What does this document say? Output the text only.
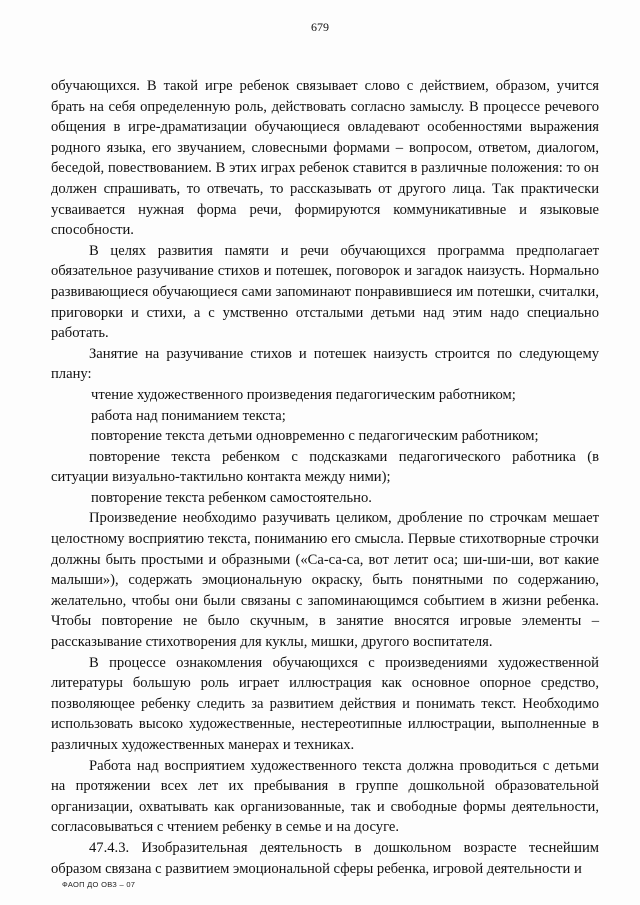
679

обучающихся. В такой игре ребенок связывает слово с действием, образом, учится брать на себя определенную роль, действовать согласно замыслу. В процессе речевого общения в игре-драматизации обучающиеся овладевают особенностями выражения родного языка, его звучанием, словесными формами – вопросом, ответом, диалогом, беседой, повествованием. В этих играх ребенок ставится в различные положения: то он должен спрашивать, то отвечать, то рассказывать от другого лица. Так практически усваивается нужная форма речи, формируются коммуникативные и языковые способности.

В целях развития памяти и речи обучающихся программа предполагает обязательное разучивание стихов и потешек, поговорок и загадок наизусть. Нормально развивающиеся обучающиеся сами запоминают понравившиеся им потешки, считалки, приговорки и стихи, а с умственно отсталыми детьми над этим надо специально работать.

Занятие на разучивание стихов и потешек наизусть строится по следующему плану:

чтение художественного произведения педагогическим работником;

работа над пониманием текста;

повторение текста детьми одновременно с педагогическим работником;

повторение текста ребенком с подсказками педагогического работника (в ситуации визуально-тактильно контакта между ними);

повторение текста ребенком самостоятельно.

Произведение необходимо разучивать целиком, дробление по строчкам мешает целостному восприятию текста, пониманию его смысла. Первые стихотворные строчки должны быть простыми и образными («Са-са-са, вот летит оса; ши-ши-ши, вот какие малыши»), содержать эмоциональную окраску, быть понятными по содержанию, желательно, чтобы они были связаны с запоминающимся событием в жизни ребенка. Чтобы повторение не было скучным, в занятие вносятся игровые элементы – рассказывание стихотворения для куклы, мишки, другого воспитателя.

В процессе ознакомления обучающихся с произведениями художественной литературы большую роль играет иллюстрация как основное опорное средство, позволяющее ребенку следить за развитием действия и понимать текст. Необходимо использовать высоко художественные, нестереотипные иллюстрации, выполненные в различных художественных манерах и техниках.

Работа над восприятием художественного текста должна проводиться с детьми на протяжении всех лет их пребывания в группе дошкольной образовательной организации, охватывать как организованные, так и свободные формы деятельности, согласовываться с чтением ребенку в семье и на досуге.

47.4.3. Изобразительная деятельность в дошкольном возрасте теснейшим образом связана с развитием эмоциональной сферы ребенка, игровой деятельности и

ФАОП ДО ОВЗ – 07
